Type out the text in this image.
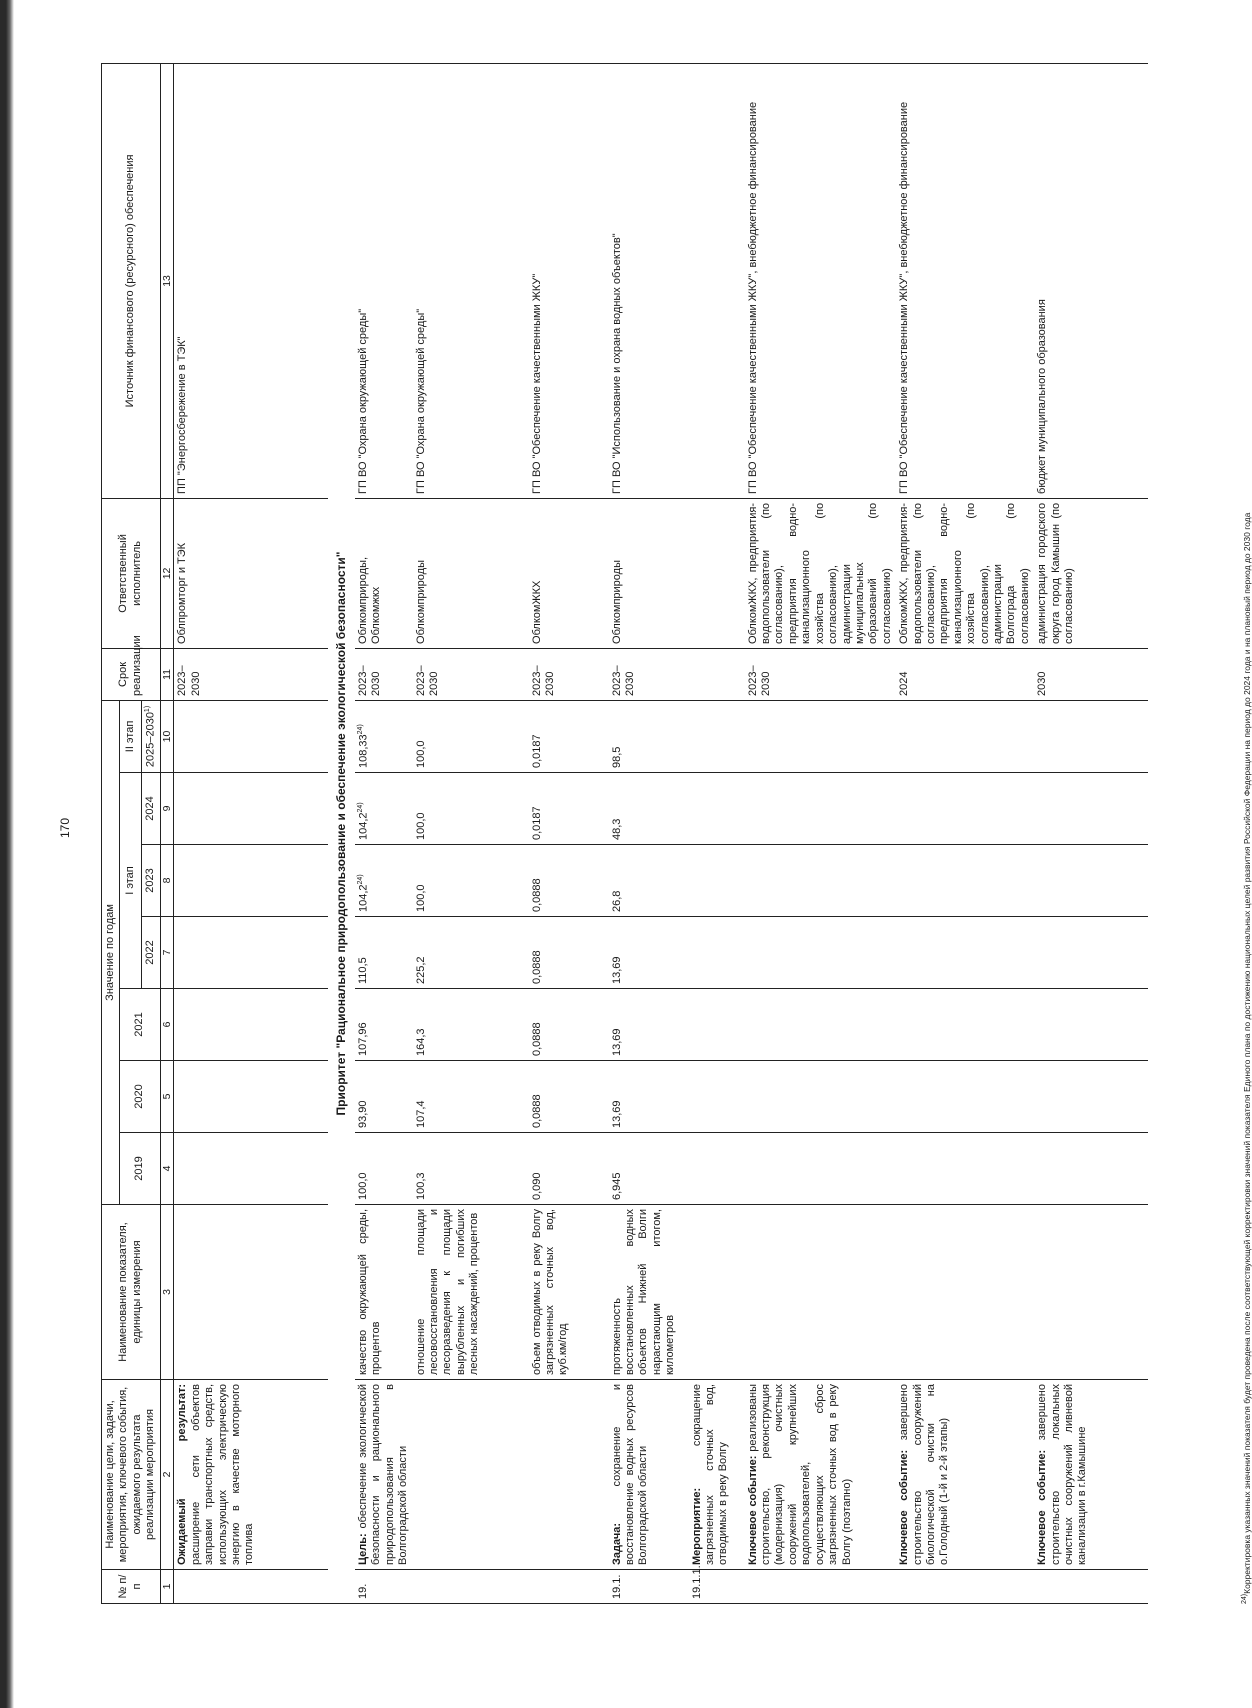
170
№ п/п	Наименование цели, задачи, мероприятия, ключевого события, ожидаемого результата реализации мероприятия	Наименование показателя, единицы измерения	Значение по годам							Срок реализации	Ответственный исполнитель	Источник финансового (ресурсного) обеспечения
			2019	2020	2021	I этап			II этап			
						2022	2023	2024	2025–2030$^{1)}$
1	2	3	4	5	6	7	8	9	10	11	12	13
	Ожидаемый результат: расширение сети объектов заправки транспортных средств, использующих электрическую энергию в качестве моторного топлива									2023–2030	Облпромторг и ТЭК	ПП "Энергосбережение в ТЭК"
Приоритет "Рациональное природопользование и обеспечение экологической безопасности"												
19.	Цель: обеспечение экологической безопасности и рационального природопользования в Волгоградской области	качество окружающей среды, процентов	100,0	93,90	107,96	110,5	104,2$^{24)}$	104,2$^{24)}$	108,33$^{24)}$	2023–2030	Облкомприроды, Облкомжкх	ГП ВО "Охрана окружающей среды"
		отношение площади лесовосстановления и лесоразведения к площади вырубленных и погибших лесных насаждений, процентов	100,3	107,4	164,3	225,2	100,0	100,0	100,0	2023–2030	Облкомприроды	ГП ВО "Охрана окружающей среды"
		объем отводимых в реку Волгу загрязненных сточных вод, куб.км/год	0,090	0,0888	0,0888	0,0888	0,0888	0,0187	0,0187	2023–2030	ОблкомЖКХ	ГП ВО "Обеспечение качественными ЖКУ"
19.1.	Задача: сохранение и восстановление водных ресурсов Волгоградской области	протяженность восстановленных водных объектов Нижней Волги нарастающим итогом, километров	6,945	13,69	13,69	13,69	26,8	48,3	98,5	2023–2030	Облкомприроды	ГП ВО "Использование и охрана водных объектов"
19.1.1.	Мероприятие: сокращение загрязненных сточных вод, отводимых в реку Волгу											
	Ключевое событие: реализованы строительство, реконструкция (модернизация) очистных сооружений крупнейших водопользователей, осуществляющих сброс загрязненных сточных вод в реку Волгу (поэтапно)									2023–2030	ОблкомЖКХ, предприятия-водопользователи (по согласованию), предприятия водно-канализационного хозяйства (по согласованию), администрации муниципальных образований (по согласованию)	ГП ВО "Обеспечение качественными ЖКУ", внебюджетное финансирование
	Ключевое событие: завершено строительство сооружений биологической очистки на о.Голодный (1-й и 2-й этапы)									2024	ОблкомЖКХ, предприятия-водопользователи (по согласованию), предприятия водно-канализационного хозяйства (по согласованию), администрации Волгограда (по согласованию)	ГП ВО "Обеспечение качественными ЖКУ", внебюджетное финансирование
	Ключевое событие: завершено строительство локальных очистных сооружений ливневой канализации в г.Камышине									2030	администрация городского округа город Камышин (по согласованию)	бюджет муниципального образования
$^{24)}$Корректировка указанных значений показателя будет проведена после соответствующей корректировки значений показателя Единого плана по достижению национальных целей развития Российской Федерации на период до 2024 года и на плановый период до 2030 года
